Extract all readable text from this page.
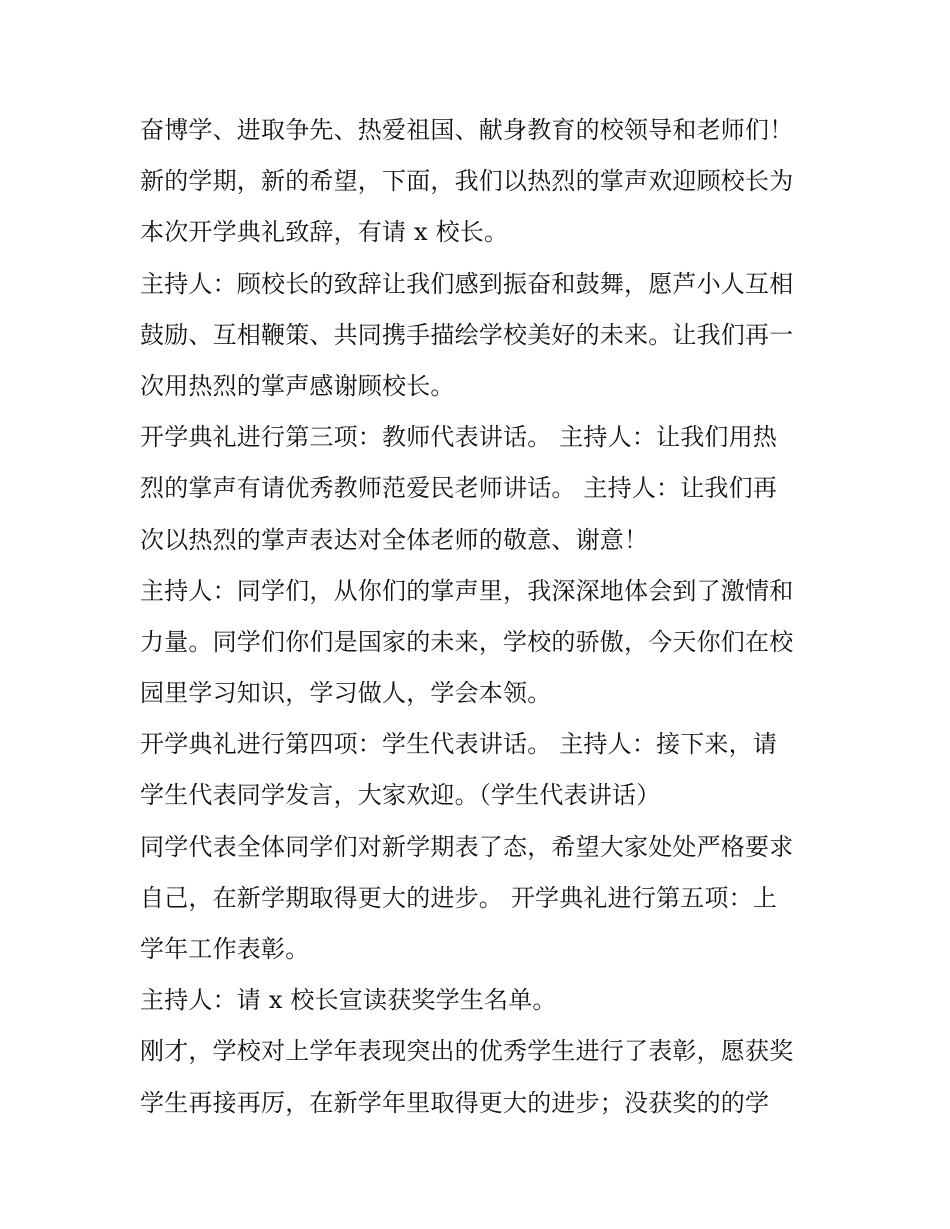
奋博学、进取争先、热爱祖国、献身教育的校领导和老师们！
新的学期，新的希望，下面，我们以热烈的掌声欢迎顾校长为
本次开学典礼致辞，有请 x 校长。
主持人：顾校长的致辞让我们感到振奋和鼓舞，愿芦小人互相
鼓励、互相鞭策、共同携手描绘学校美好的未来。让我们再一
次用热烈的掌声感谢顾校长。
开学典礼进行第三项：教师代表讲话。 主持人：让我们用热
烈的掌声有请优秀教师范爱民老师讲话。 主持人：让我们再
次以热烈的掌声表达对全体老师的敬意、谢意！
主持人：同学们，从你们的掌声里，我深深地体会到了激情和
力量。同学们你们是国家的未来，学校的骄傲，今天你们在校
园里学习知识，学习做人，学会本领。
开学典礼进行第四项：学生代表讲话。 主持人：接下来，请
学生代表同学发言，大家欢迎。（学生代表讲话）
同学代表全体同学们对新学期表了态，希望大家处处严格要求
自己，在新学期取得更大的进步。 开学典礼进行第五项：上
学年工作表彰。
主持人：请 x 校长宣读获奖学生名单。
刚才，学校对上学年表现突出的优秀学生进行了表彰，愿获奖
学生再接再厉，在新学年里取得更大的进步；没获奖的的学
